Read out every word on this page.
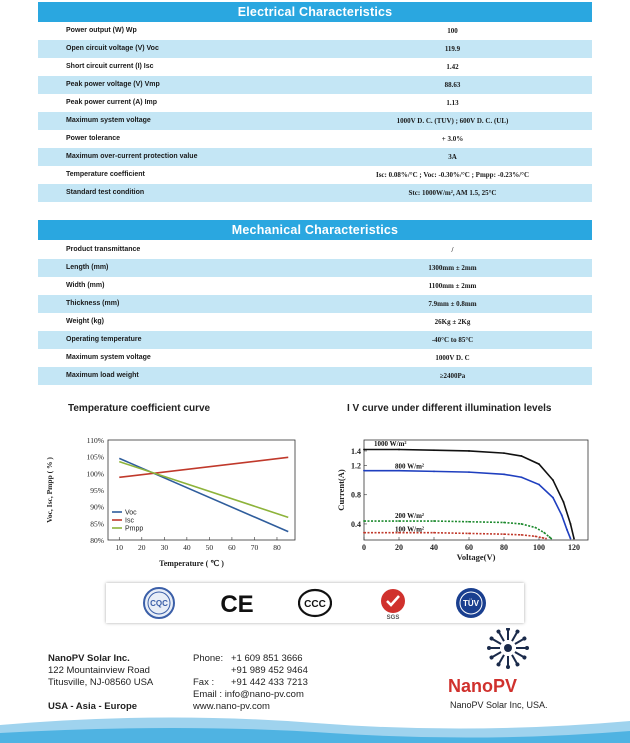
Electrical Characteristics
Power output (W) Wp	100
Open circuit voltage (V) Voc	119.9
Short circuit current (I) Isc	1.42
Peak power voltage (V) Vmp	88.63
Peak power current (A) Imp	1.13
Maximum system voltage	1000V D. C. (TUV) ; 600V D. C. (UL)
Power tolerance	+ 3.0%
Maximum over-current protection value	3A
Temperature coefficient	Isc: 0.08%/°C ; Voc: -0.30%/°C ; Pmpp: -0.23%/°C
Standard test condition	Stc: 1000W/m², AM 1.5, 25°C
Mechanical Characteristics
Product transmittance	/
Length (mm)	1300mm ± 2mm
Width (mm)	1100mm ± 2mm
Thickness (mm)	7.9mm ± 0.8mm
Weight (kg)	26Kg ± 2Kg
Operating temperature	-40°C to 85°C
Maximum system voltage	1000V D. C
Maximum load weight	≥2400Pa
Temperature coefficient curve	I V curve under different illumination levels
80%
85%
90%
95%
100%
105%
110%
10 20 30 40 50 60 70 80
Voc
Isc
Pmpp
Temperature ( ℃ )
Voc, Isc, Pmpp ( % )
0.4
0.8
1.2
1.4
0	20	40	60	80	100	120
1000 W/m²
800 W/m²
200 W/m²
100 W/m²
Voltage(V)
Current(A)
CQC CE	CCC
SGS
TÜV
NanoPV Solar Inc.
122 Mountainview Road
Titusville, NJ-08560 USA
USA - Asia - Europe
Phone: +1 609 851 3666
+91 989 452 9464
Fax :	+91 442 433 7213
Email :
info@nano-pv.com
www.nano-pv.com
NanoPV
NanoPV Solar Inc, USA.
